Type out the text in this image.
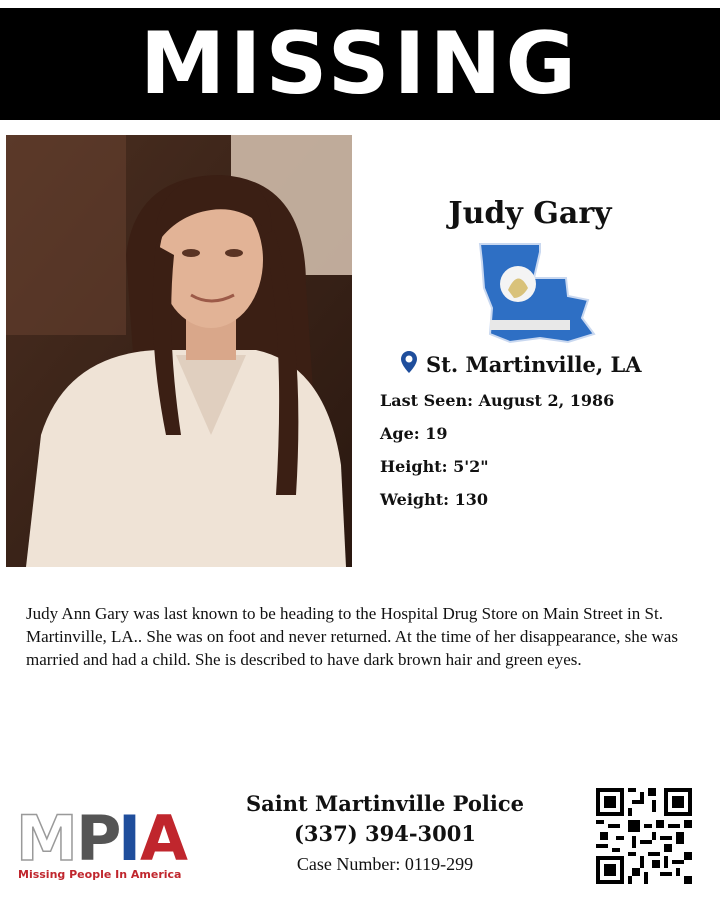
MISSING
Judy Gary
St. Martinville, LA
Last Seen: August 2, 1986
Age: 19
Height: 5'2"
Weight: 130
Judy Ann Gary was last known to be heading to the Hospital Drug Store on Main Street in St. Martinville, LA.. She was on foot and never returned. At the time of her disappearance, she was married and had a child. She is described to have dark brown hair and green eyes.
M
P
I
A
Missing People In America
Saint Martinville Police
(337) 394-3001
Case Number: 0119-299
